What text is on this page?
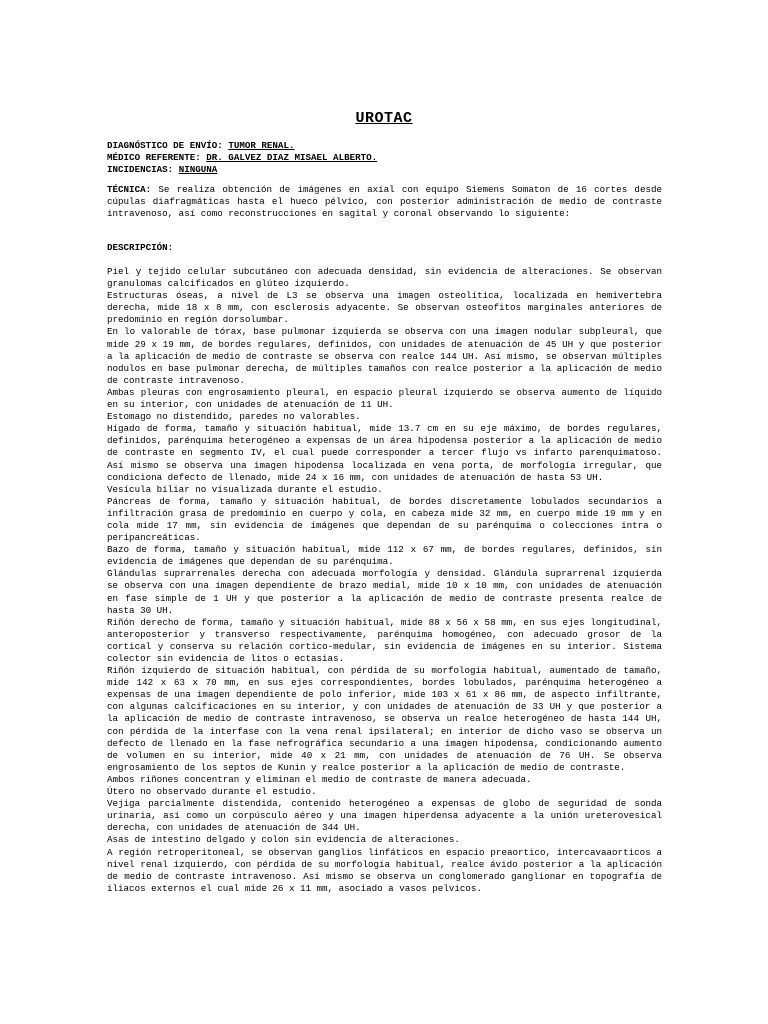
UROTAC
DIAGNÓSTICO DE ENVÍO: TUMOR RENAL.
MÉDICO REFERENTE: DR. GALVEZ DIAZ MISAEL ALBERTO.
INCIDENCIAS: NINGUNA
TÉCNICA: Se realiza obtención de imágenes en axial con equipo Siemens Somaton de 16 cortes desde cúpulas diafragmáticas hasta el hueco pélvico, con posterior administración de medio de contraste intravenoso, así como reconstrucciones en sagital y coronal observando lo siguiente:
DESCRIPCIÓN:

Piel y tejido celular subcutáneo con adecuada densidad, sin evidencia de alteraciones. Se observan granulomas calcificados en glúteo izquierdo.

Estructuras óseas, a nivel de L3 se observa una imagen osteolítica, localizada en hemivertebra derecha, mide 18 x 8 mm, con esclerosis adyacente. Se observan osteofitos marginales anteriores de predominio en región dorsolumbar.

En lo valorable de tórax, base pulmonar izquierda se observa con una imagen nodular subpleural, que mide 29 x 19 mm, de bordes regulares, definidos, con unidades de atenuación de 45 UH y que posterior a la aplicación de medio de contraste se observa con realce 144 UH. Así mismo, se observan múltiples nodulos en base pulmonar derecha, de múltiples tamaños con realce posterior a la aplicación de medio de contraste intravenoso.

Ambas pleuras con engrosamiento pleural, en espacio pleural izquierdo se observa aumento de líquido en su interior, con unidades de atenuación de 11 UH.

Estomago no distendido, paredes no valorables.

Hígado de forma, tamaño y situación habitual, mide 13.7 cm en su eje máximo, de bordes regulares, definidos, parénquima heterogéneo a expensas de un área hipodensa posterior a la aplicación de medio de contraste en segmento IV, el cual puede corresponder a tercer flujo vs infarto parenquimatoso. Así mismo se observa una imagen hipodensa localizada en vena porta, de morfología irregular, que condiciona defecto de llenado, mide 24 x 16 mm, con unidades de atenuación de hasta 53 UH.

Vesícula biliar no visualizada durante el estudio.

Páncreas de forma, tamaño y situación habitual, de bordes discretamente lobulados secundarios a infiltración grasa de predominio en cuerpo y cola, en cabeza mide 32 mm, en cuerpo mide 19 mm y en cola mide 17 mm, sin evidencia de imágenes que dependan de su parénquima o colecciones intra o peripancreáticas.

Bazo de forma, tamaño y situación habitual, mide 112 x 67 mm, de bordes regulares, definidos, sin evidencia de imágenes que dependan de su parénquima.

Glándulas suprarrenales derecha con adecuada morfología y densidad. Glándula suprarrenal izquierda se observa con una imagen dependiente de brazo medial, mide 10 x 10 mm, con unidades de atenuación en fase simple de 1 UH y que posterior a la aplicación de medio de contraste presenta realce de hasta 30 UH.

Riñón derecho de forma, tamaño y situación habitual, mide 88 x 56 x 58 mm, en sus ejes longitudinal, anteroposterior y transverso respectivamente, parénquima homogéneo, con adecuado grosor de la cortical y conserva su relación cortico-medular, sin evidencia de imágenes en su interior. Sistema colector sin evidencia de litos o ectasias.

Riñón izquierdo de situación habitual, con pérdida de su morfología habitual, aumentado de tamaño, mide 142 x 63 x 70 mm, en sus ejes correspondientes, bordes lobulados, parénquima heterogéneo a expensas de una imagen dependiente de polo inferior, mide 103 x 61 x 86 mm, de aspecto infiltrante, con algunas calcificaciones en su interior, y con unidades de atenuación de 33 UH y que posterior a la aplicación de medio de contraste intravenoso, se observa un realce heterogéneo de hasta 144 UH, con pérdida de la interfase con la vena renal ipsilateral; en interior de dicho vaso se observa un defecto de llenado en la fase nefrográfica secundario a una imagen hipodensa, condicionando aumento de volumen en su interior, mide 40 x 21 mm, con unidades de atenuación de 76 UH. Se observa engrosamiento de los septos de Kunin y realce posterior a la aplicación de medio de contraste.

Ambos riñones concentran y eliminan el medio de contraste de manera adecuada.

Útero no observado durante el estudio.

Vejiga parcialmente distendida, contenido heterogéneo a expensas de globo de seguridad de sonda urinaria, así como un corpúsculo aéreo y una imagen hiperdensa adyacente a la unión ureterovesical derecha, con unidades de atenuación de 344 UH.

Asas de intestino delgado y colon sin evidencia de alteraciones.

A región retroperitoneal, se observan ganglios linfáticos en espacio preaortico, intercavaaorticos a nivel renal izquierdo, con pérdida de su morfología habitual, realce ávido posterior a la aplicación de medio de contraste intravenoso. Así mismo se observa un conglomerado ganglionar en topografía de iliacos externos el cual mide 26 x 11 mm, asociado a vasos pelvicos.
